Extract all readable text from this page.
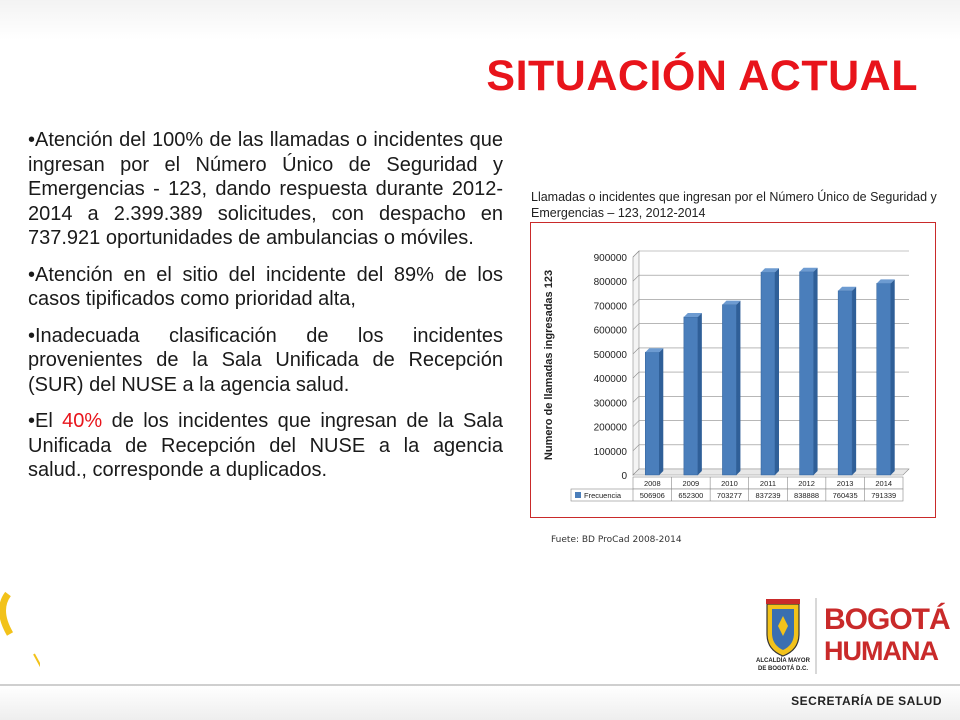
SITUACIÓN ACTUAL

•Atención del 100% de las llamadas o incidentes que ingresan por el Número Único de Seguridad y Emergencias - 123, dando respuesta durante 2012-2014 a 2.399.389 solicitudes, con despacho en 737.921 oportunidades de ambulancias o móviles.

•Atención en el sitio del incidente del 89% de los casos tipificados como prioridad alta,

•Inadecuada clasificación de los incidentes provenientes de la Sala Unificada de Recepción (SUR) del NUSE a la agencia salud.

•El 40% de los incidentes que ingresan de la Sala Unificada de Recepción del NUSE a la agencia salud., corresponde a duplicados.

Llamadas o incidentes que ingresan por el Número Único de Seguridad y Emergencias – 123, 2012-2014
0
100000
200000
300000
400000
500000
600000
700000
800000
900000
2008
506906
2009
652300
2010
703277
2011
837239
2012
838888
2013
760435
2014
791339
Frecuencia
Numero de llamadas ingresadas 123
Fuete: BD ProCad 2008-2014
ALCALDÍA MAYOR
DE BOGOTÁ D.C.
BOGOTÁ
HUMANA
SECRETARÍA DE SALUD
